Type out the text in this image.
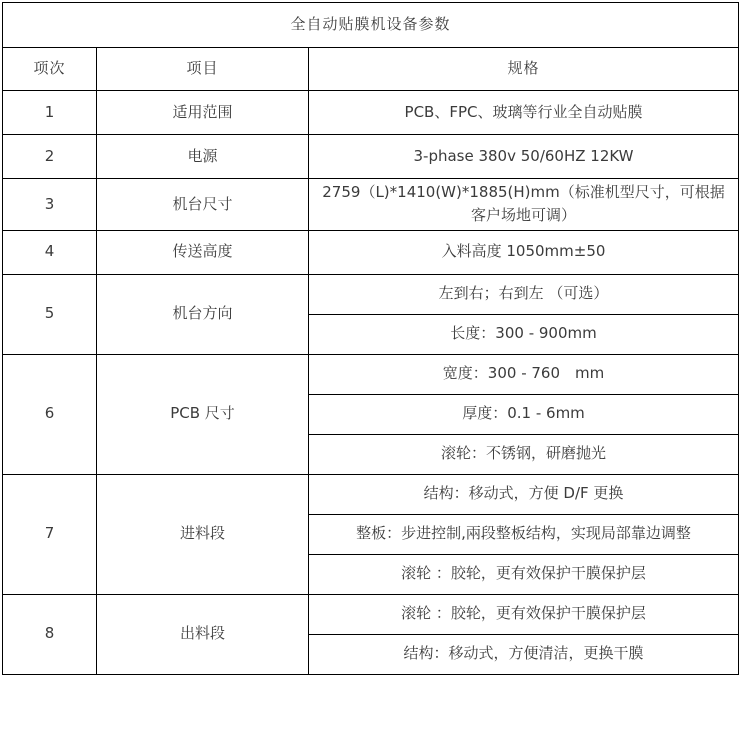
全自动贴膜机设备参数		
项次	项目	规格
1	适用范围	PCB、FPC、玻璃等行业全自动贴膜
2	电源	3-phase 380v 50/60HZ 12KW
3	机台尺寸	2759（L)*1410(W)*1885(H)mm（标准机型尺寸，可根据客户场地可调）
4	传送高度	入料高度 1050mm±50
5	机台方向	左到右；右到左 （可选）
		长度：300 - 900mm
6	PCB 尺寸	宽度：300 - 760　mm
		厚度：0.1 - 6mm
		滚轮：不锈钢，研磨抛光
7	进料段	结构：移动式，方便 D/F 更换
		整板：步进控制,兩段整板结构，实现局部靠边调整
		滚轮 ：胶轮，更有效保护干膜保护层
8	出料段	滚轮 ：胶轮，更有效保护干膜保护层
		结构：移动式，方便清洁，更换干膜
